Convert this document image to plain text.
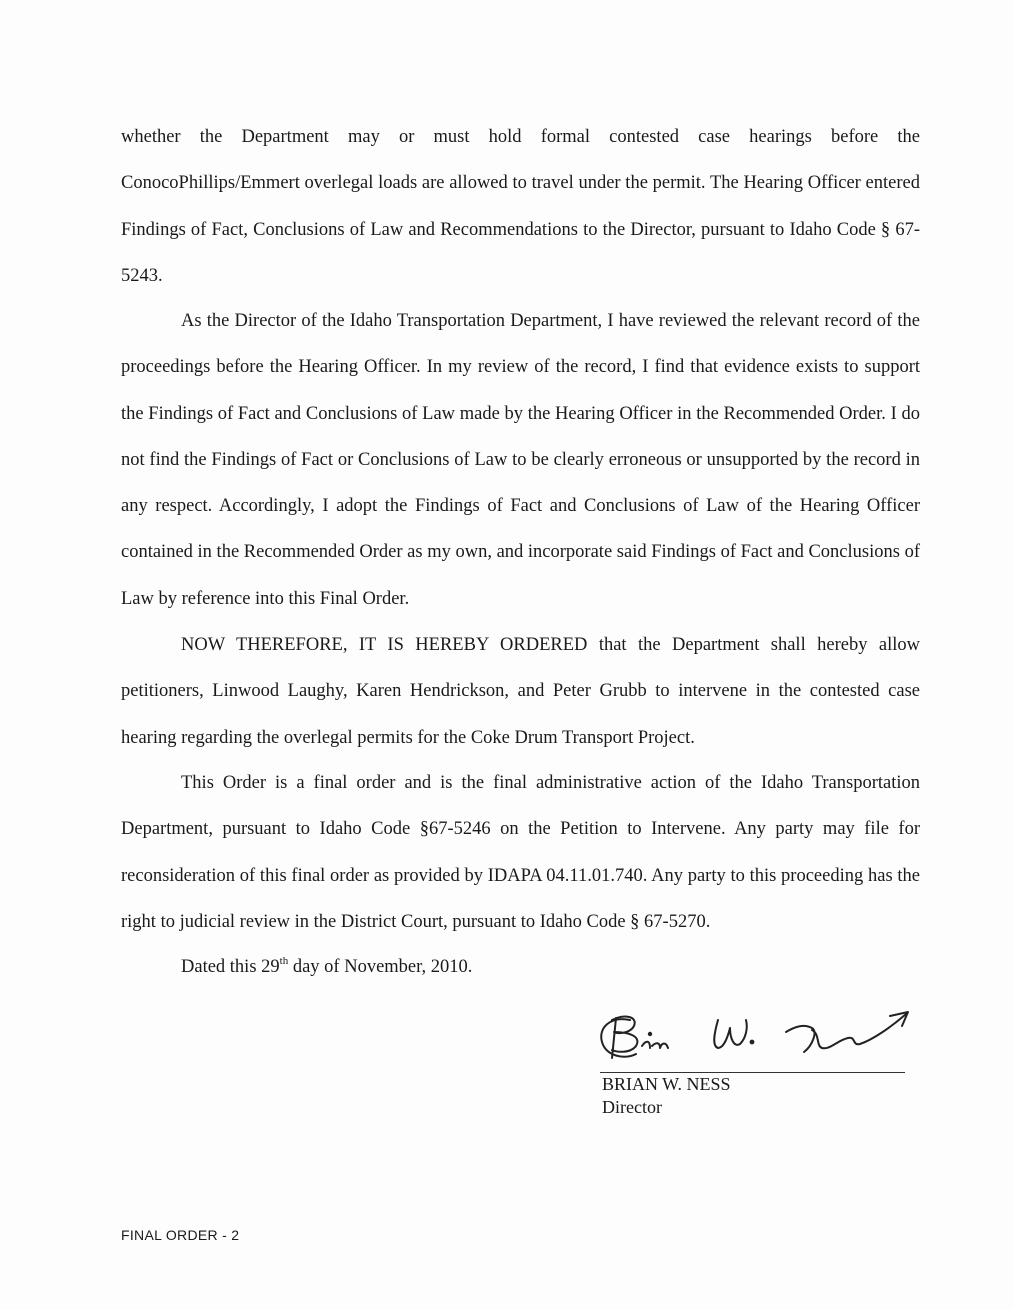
whether the Department may or must hold formal contested case hearings before the ConocoPhillips/Emmert overlegal loads are allowed to travel under the permit. The Hearing Officer entered Findings of Fact, Conclusions of Law and Recommendations to the Director, pursuant to Idaho Code § 67-5243.

As the Director of the Idaho Transportation Department, I have reviewed the relevant record of the proceedings before the Hearing Officer. In my review of the record, I find that evidence exists to support the Findings of Fact and Conclusions of Law made by the Hearing Officer in the Recommended Order. I do not find the Findings of Fact or Conclusions of Law to be clearly erroneous or unsupported by the record in any respect. Accordingly, I adopt the Findings of Fact and Conclusions of Law of the Hearing Officer contained in the Recommended Order as my own, and incorporate said Findings of Fact and Conclusions of Law by reference into this Final Order.

NOW THEREFORE, IT IS HEREBY ORDERED that the Department shall hereby allow petitioners, Linwood Laughy, Karen Hendrickson, and Peter Grubb to intervene in the contested case hearing regarding the overlegal permits for the Coke Drum Transport Project.

This Order is a final order and is the final administrative action of the Idaho Transportation Department, pursuant to Idaho Code §67-5246 on the Petition to Intervene. Any party may file for reconsideration of this final order as provided by IDAPA 04.11.01.740. Any party to this proceeding has the right to judicial review in the District Court, pursuant to Idaho Code § 67-5270.

Dated this 29th day of November, 2010.

BRIAN W. NESS
Director
FINAL ORDER - 2
